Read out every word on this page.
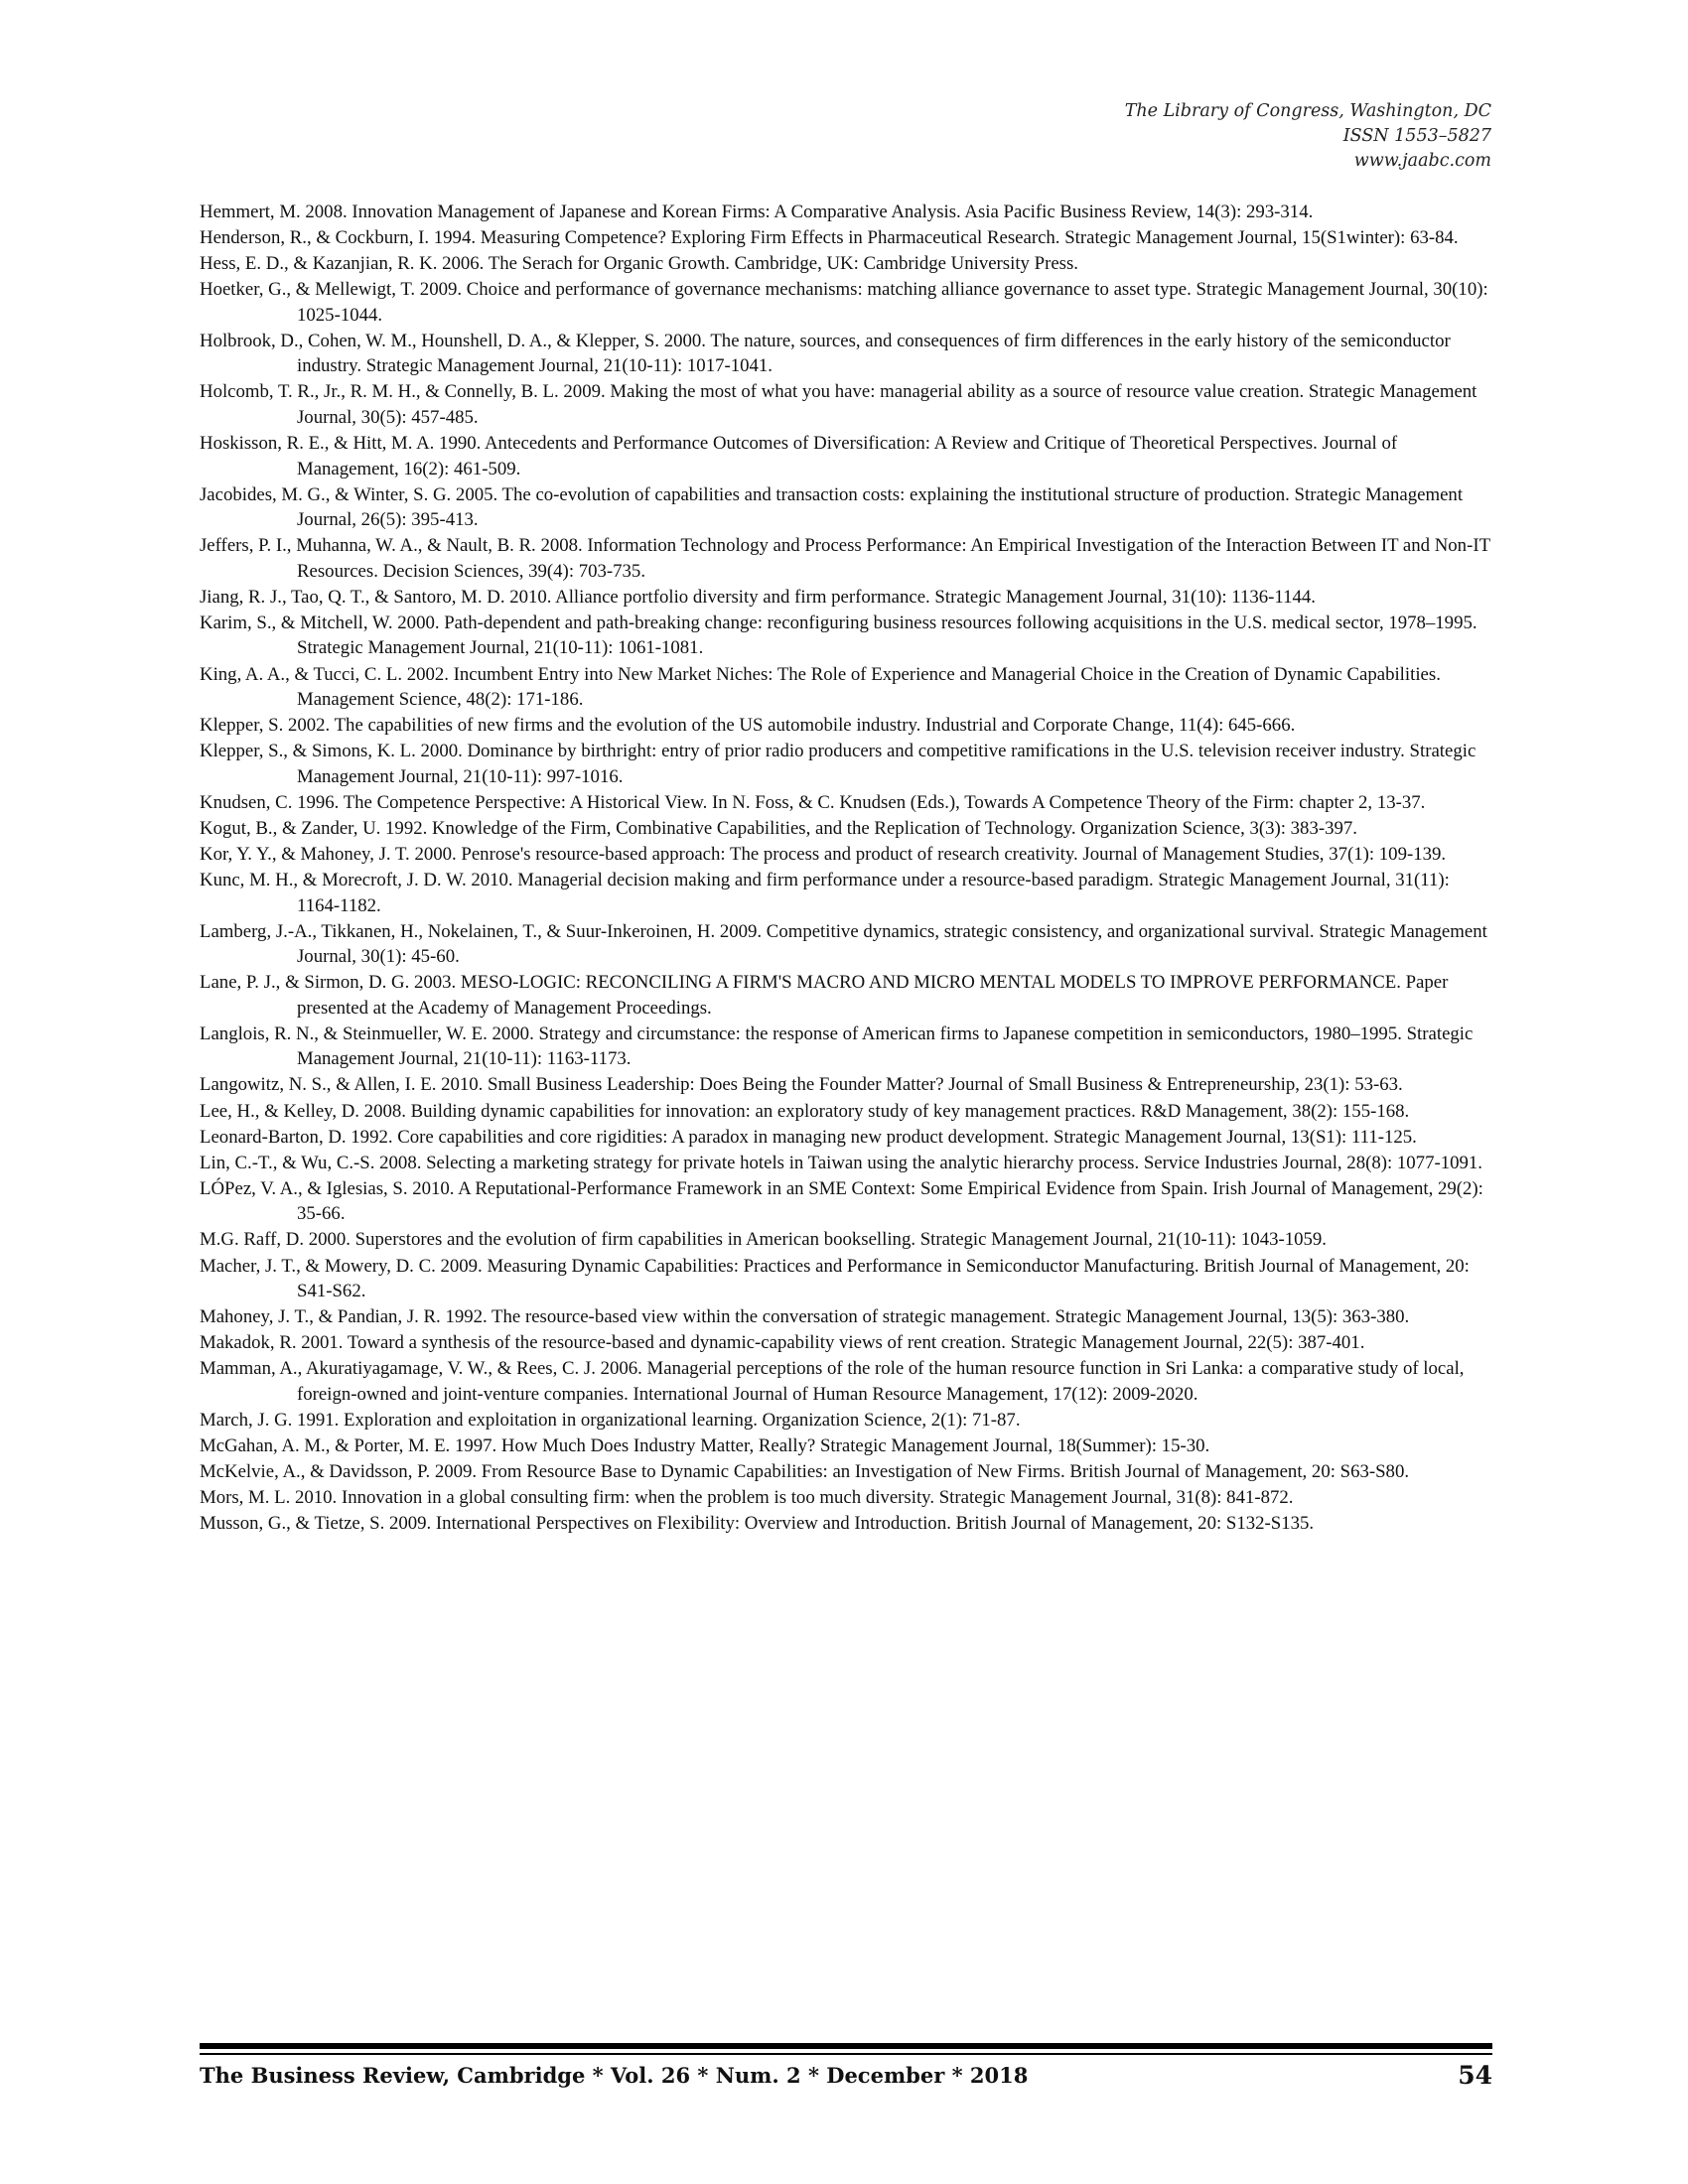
The Library of Congress, Washington, DC
ISSN 1553–5827
www.jaabc.com
Hemmert, M. 2008. Innovation Management of Japanese and Korean Firms: A Comparative Analysis. Asia Pacific Business Review, 14(3): 293-314.
Henderson, R., & Cockburn, I. 1994. Measuring Competence? Exploring Firm Effects in Pharmaceutical Research. Strategic Management Journal, 15(S1winter): 63-84.
Hess, E. D., & Kazanjian, R. K. 2006. The Serach for Organic Growth. Cambridge, UK: Cambridge University Press.
Hoetker, G., & Mellewigt, T. 2009. Choice and performance of governance mechanisms: matching alliance governance to asset type. Strategic Management Journal, 30(10): 1025-1044.
Holbrook, D., Cohen, W. M., Hounshell, D. A., & Klepper, S. 2000. The nature, sources, and consequences of firm differences in the early history of the semiconductor industry. Strategic Management Journal, 21(10-11): 1017-1041.
Holcomb, T. R., Jr., R. M. H., & Connelly, B. L. 2009. Making the most of what you have: managerial ability as a source of resource value creation. Strategic Management Journal, 30(5): 457-485.
Hoskisson, R. E., & Hitt, M. A. 1990. Antecedents and Performance Outcomes of Diversification: A Review and Critique of Theoretical Perspectives. Journal of Management, 16(2): 461-509.
Jacobides, M. G., & Winter, S. G. 2005. The co-evolution of capabilities and transaction costs: explaining the institutional structure of production. Strategic Management Journal, 26(5): 395-413.
Jeffers, P. I., Muhanna, W. A., & Nault, B. R. 2008. Information Technology and Process Performance: An Empirical Investigation of the Interaction Between IT and Non-IT Resources. Decision Sciences, 39(4): 703-735.
Jiang, R. J., Tao, Q. T., & Santoro, M. D. 2010. Alliance portfolio diversity and firm performance. Strategic Management Journal, 31(10): 1136-1144.
Karim, S., & Mitchell, W. 2000. Path-dependent and path-breaking change: reconfiguring business resources following acquisitions in the U.S. medical sector, 1978–1995. Strategic Management Journal, 21(10-11): 1061-1081.
King, A. A., & Tucci, C. L. 2002. Incumbent Entry into New Market Niches: The Role of Experience and Managerial Choice in the Creation of Dynamic Capabilities. Management Science, 48(2): 171-186.
Klepper, S. 2002. The capabilities of new firms and the evolution of the US automobile industry. Industrial and Corporate Change, 11(4): 645-666.
Klepper, S., & Simons, K. L. 2000. Dominance by birthright: entry of prior radio producers and competitive ramifications in the U.S. television receiver industry. Strategic Management Journal, 21(10-11): 997-1016.
Knudsen, C. 1996. The Competence Perspective: A Historical View. In N. Foss, & C. Knudsen (Eds.), Towards A Competence Theory of the Firm: chapter 2, 13-37.
Kogut, B., & Zander, U. 1992. Knowledge of the Firm, Combinative Capabilities, and the Replication of Technology. Organization Science, 3(3): 383-397.
Kor, Y. Y., & Mahoney, J. T. 2000. Penrose's resource-based approach: The process and product of research creativity. Journal of Management Studies, 37(1): 109-139.
Kunc, M. H., & Morecroft, J. D. W. 2010. Managerial decision making and firm performance under a resource-based paradigm. Strategic Management Journal, 31(11): 1164-1182.
Lamberg, J.-A., Tikkanen, H., Nokelainen, T., & Suur-Inkeroinen, H. 2009. Competitive dynamics, strategic consistency, and organizational survival. Strategic Management Journal, 30(1): 45-60.
Lane, P. J., & Sirmon, D. G. 2003. MESO-LOGIC: RECONCILING A FIRM'S MACRO AND MICRO MENTAL MODELS TO IMPROVE PERFORMANCE. Paper presented at the Academy of Management Proceedings.
Langlois, R. N., & Steinmueller, W. E. 2000. Strategy and circumstance: the response of American firms to Japanese competition in semiconductors, 1980–1995. Strategic Management Journal, 21(10-11): 1163-1173.
Langowitz, N. S., & Allen, I. E. 2010. Small Business Leadership: Does Being the Founder Matter? Journal of Small Business & Entrepreneurship, 23(1): 53-63.
Lee, H., & Kelley, D. 2008. Building dynamic capabilities for innovation: an exploratory study of key management practices. R&D Management, 38(2): 155-168.
Leonard-Barton, D. 1992. Core capabilities and core rigidities: A paradox in managing new product development. Strategic Management Journal, 13(S1): 111-125.
Lin, C.-T., & Wu, C.-S. 2008. Selecting a marketing strategy for private hotels in Taiwan using the analytic hierarchy process. Service Industries Journal, 28(8): 1077-1091.
LÓPez, V. A., & Iglesias, S. 2010. A Reputational-Performance Framework in an SME Context: Some Empirical Evidence from Spain. Irish Journal of Management, 29(2): 35-66.
M.G. Raff, D. 2000. Superstores and the evolution of firm capabilities in American bookselling. Strategic Management Journal, 21(10-11): 1043-1059.
Macher, J. T., & Mowery, D. C. 2009. Measuring Dynamic Capabilities: Practices and Performance in Semiconductor Manufacturing. British Journal of Management, 20: S41-S62.
Mahoney, J. T., & Pandian, J. R. 1992. The resource-based view within the conversation of strategic management. Strategic Management Journal, 13(5): 363-380.
Makadok, R. 2001. Toward a synthesis of the resource-based and dynamic-capability views of rent creation. Strategic Management Journal, 22(5): 387-401.
Mamman, A., Akuratiyagamage, V. W., & Rees, C. J. 2006. Managerial perceptions of the role of the human resource function in Sri Lanka: a comparative study of local, foreign-owned and joint-venture companies. International Journal of Human Resource Management, 17(12): 2009-2020.
March, J. G. 1991. Exploration and exploitation in organizational learning. Organization Science, 2(1): 71-87.
McGahan, A. M., & Porter, M. E. 1997. How Much Does Industry Matter, Really? Strategic Management Journal, 18(Summer): 15-30.
McKelvie, A., & Davidsson, P. 2009. From Resource Base to Dynamic Capabilities: an Investigation of New Firms. British Journal of Management, 20: S63-S80.
Mors, M. L. 2010. Innovation in a global consulting firm: when the problem is too much diversity. Strategic Management Journal, 31(8): 841-872.
Musson, G., & Tietze, S. 2009. International Perspectives on Flexibility: Overview and Introduction. British Journal of Management, 20: S132-S135.
The Business Review, Cambridge * Vol. 26 * Num. 2 * December * 2018	54
